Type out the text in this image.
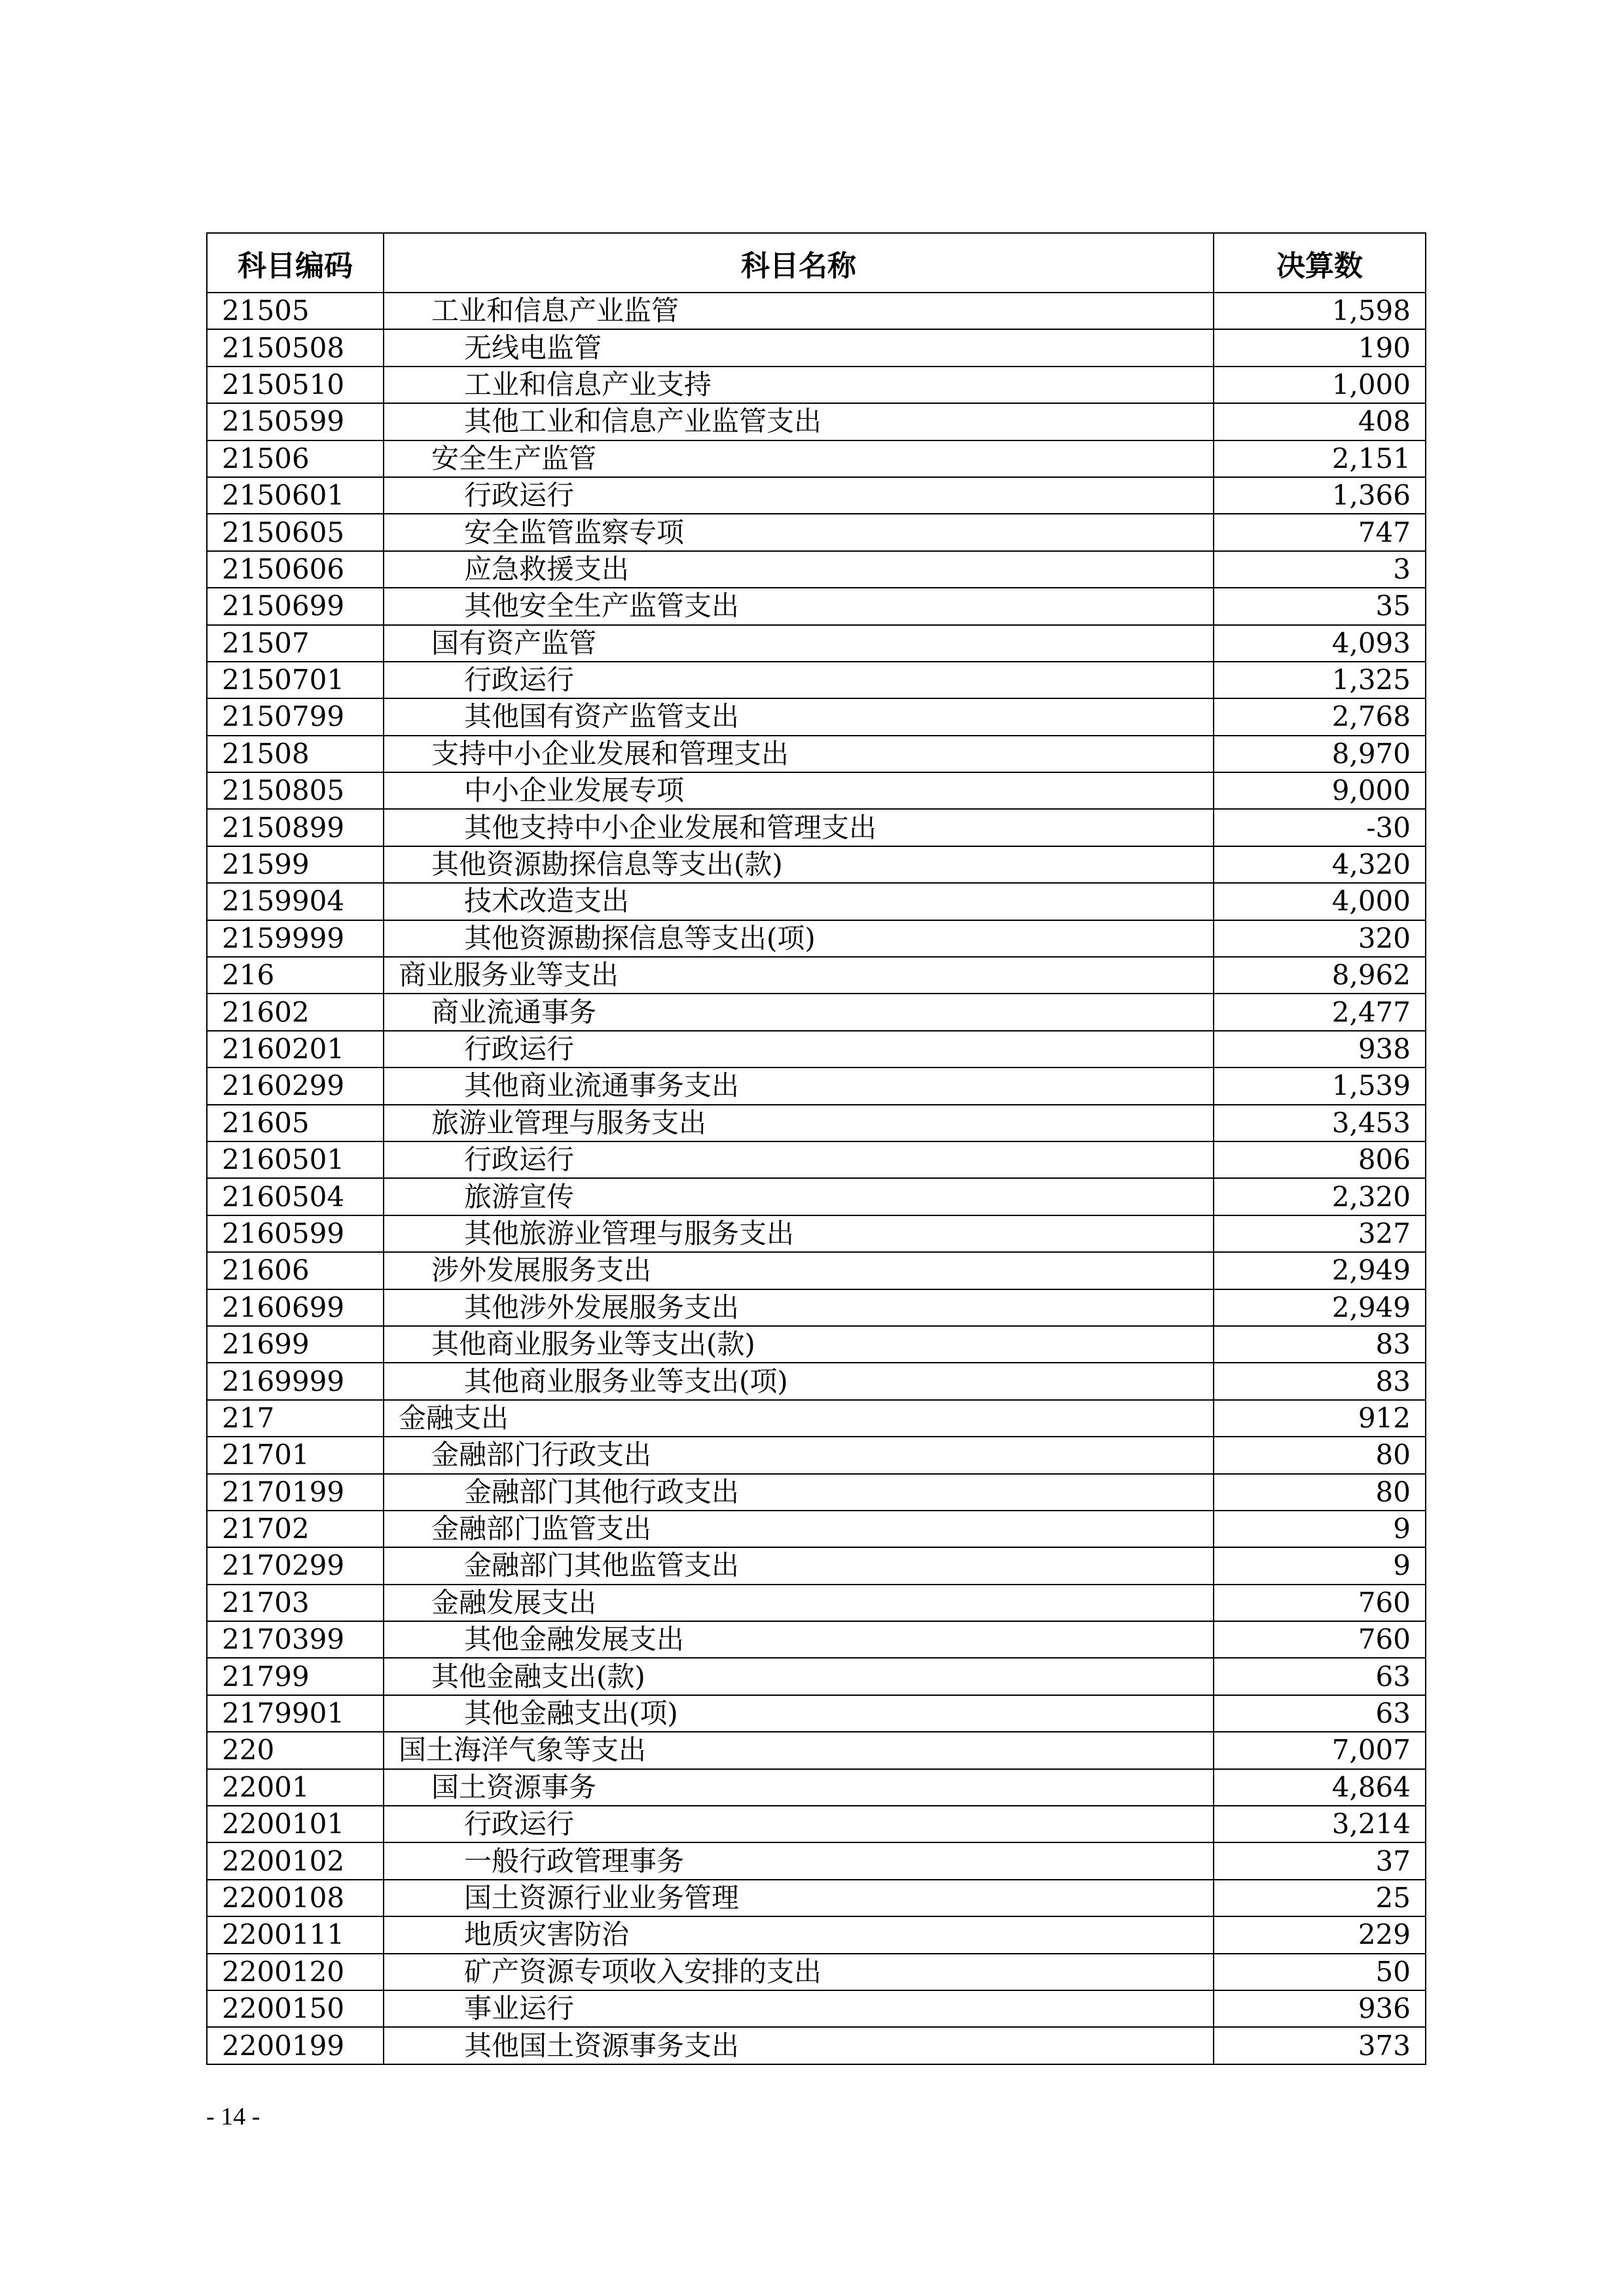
科目编码	科目名称	决算数
21505	工业和信息产业监管	1,598
2150508	无线电监管	190
2150510	工业和信息产业支持	1,000
2150599	其他工业和信息产业监管支出	408
21506	安全生产监管	2,151
2150601	行政运行	1,366
2150605	安全监管监察专项	747
2150606	应急救援支出	3
2150699	其他安全生产监管支出	35
21507	国有资产监管	4,093
2150701	行政运行	1,325
2150799	其他国有资产监管支出	2,768
21508	支持中小企业发展和管理支出	8,970
2150805	中小企业发展专项	9,000
2150899	其他支持中小企业发展和管理支出	-30
21599	其他资源勘探信息等支出(款)	4,320
2159904	技术改造支出	4,000
2159999	其他资源勘探信息等支出(项)	320
216	商业服务业等支出	8,962
21602	商业流通事务	2,477
2160201	行政运行	938
2160299	其他商业流通事务支出	1,539
21605	旅游业管理与服务支出	3,453
2160501	行政运行	806
2160504	旅游宣传	2,320
2160599	其他旅游业管理与服务支出	327
21606	涉外发展服务支出	2,949
2160699	其他涉外发展服务支出	2,949
21699	其他商业服务业等支出(款)	83
2169999	其他商业服务业等支出(项)	83
217	金融支出	912
21701	金融部门行政支出	80
2170199	金融部门其他行政支出	80
21702	金融部门监管支出	9
2170299	金融部门其他监管支出	9
21703	金融发展支出	760
2170399	其他金融发展支出	760
21799	其他金融支出(款)	63
2179901	其他金融支出(项)	63
220	国土海洋气象等支出	7,007
22001	国土资源事务	4,864
2200101	行政运行	3,214
2200102	一般行政管理事务	37
2200108	国土资源行业业务管理	25
2200111	地质灾害防治	229
2200120	矿产资源专项收入安排的支出	50
2200150	事业运行	936
2200199	其他国土资源事务支出	373
- 14 -
